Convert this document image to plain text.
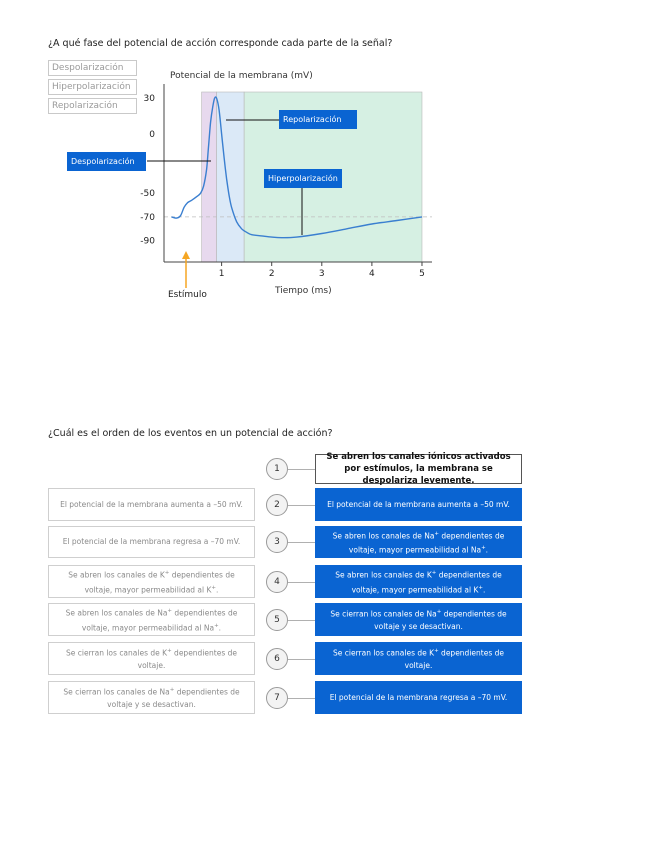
¿A qué fase del potencial de acción corresponde cada parte de la señal?
Despolarización
Hiperpolarización
Repolarización
30
0
-50
-70
-90
1	2	3	4	5
Potencial de la membrana (mV)
Tiempo (ms)
Repolarización
Despolarización
Hiperpolarización
Estímulo
¿Cuál es el orden de los eventos en un potencial de acción?
El potencial de la membrana aumenta a –50 mV.
El potencial de la membrana regresa a –70 mV.
Se abren los canales de K+ dependientes de voltaje, mayor permeabilidad al K+.
Se abren los canales de Na+ dependientes de voltaje, mayor permeabilidad al Na+.
Se cierran los canales de K+ dependientes de voltaje.
Se cierran los canales de Na+ dependientes de voltaje y se desactivan.
1
2
3
4
5
6
7
Se abren los canales iónicos activados por estímulos, la membrana se despolariza levemente.
El potencial de la membrana aumenta a –50 mV.
Se abren los canales de Na+ dependientes de voltaje, mayor permeabilidad al Na+.
Se abren los canales de K+ dependientes de voltaje, mayor permeabilidad al K+.
Se cierran los canales de Na+ dependientes de voltaje y se desactivan.
Se cierran los canales de K+ dependientes de voltaje.
El potencial de la membrana regresa a –70 mV.
